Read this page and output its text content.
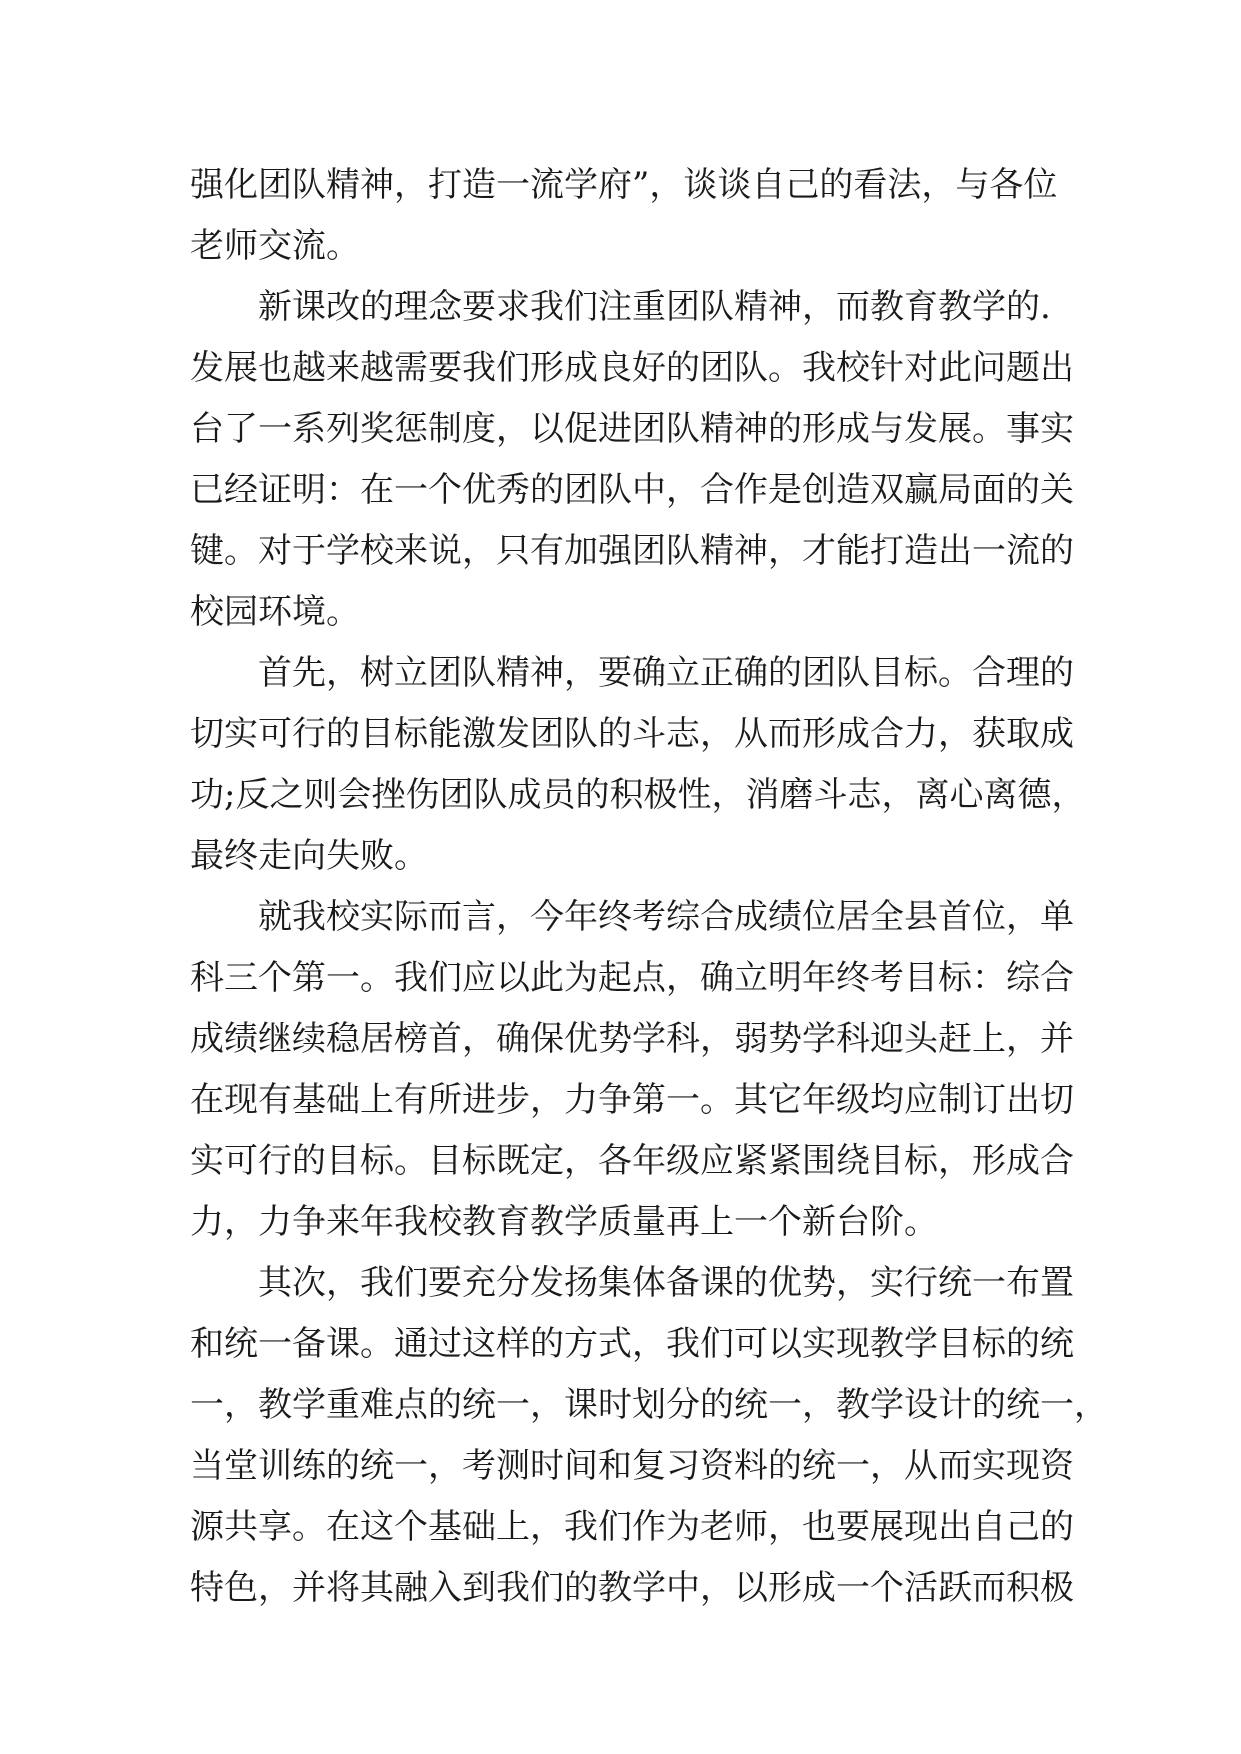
强化团队精神，打造一流学府”，谈谈自己的看法，与各位
老师交流。
新课改的理念要求我们注重团队精神，而教育教学的.
发展也越来越需要我们形成良好的团队。我校针对此问题出
台了一系列奖惩制度，以促进团队精神的形成与发展。事实
已经证明：在一个优秀的团队中，合作是创造双赢局面的关
键。对于学校来说，只有加强团队精神，才能打造出一流的
校园环境。
首先，树立团队精神，要确立正确的团队目标。合理的
切实可行的目标能激发团队的斗志，从而形成合力，获取成
功;反之则会挫伤团队成员的积极性，消磨斗志，离心离德，
最终走向失败。
就我校实际而言，今年终考综合成绩位居全县首位，单
科三个第一。我们应以此为起点，确立明年终考目标：综合
成绩继续稳居榜首，确保优势学科，弱势学科迎头赶上，并
在现有基础上有所进步，力争第一。其它年级均应制订出切
实可行的目标。目标既定，各年级应紧紧围绕目标，形成合
力，力争来年我校教育教学质量再上一个新台阶。
其次，我们要充分发扬集体备课的优势，实行统一布置
和统一备课。通过这样的方式，我们可以实现教学目标的统
一，教学重难点的统一，课时划分的统一，教学设计的统一，
当堂训练的统一，考测时间和复习资料的统一，从而实现资
源共享。在这个基础上，我们作为老师，也要展现出自己的
特色，并将其融入到我们的教学中，以形成一个活跃而积极
